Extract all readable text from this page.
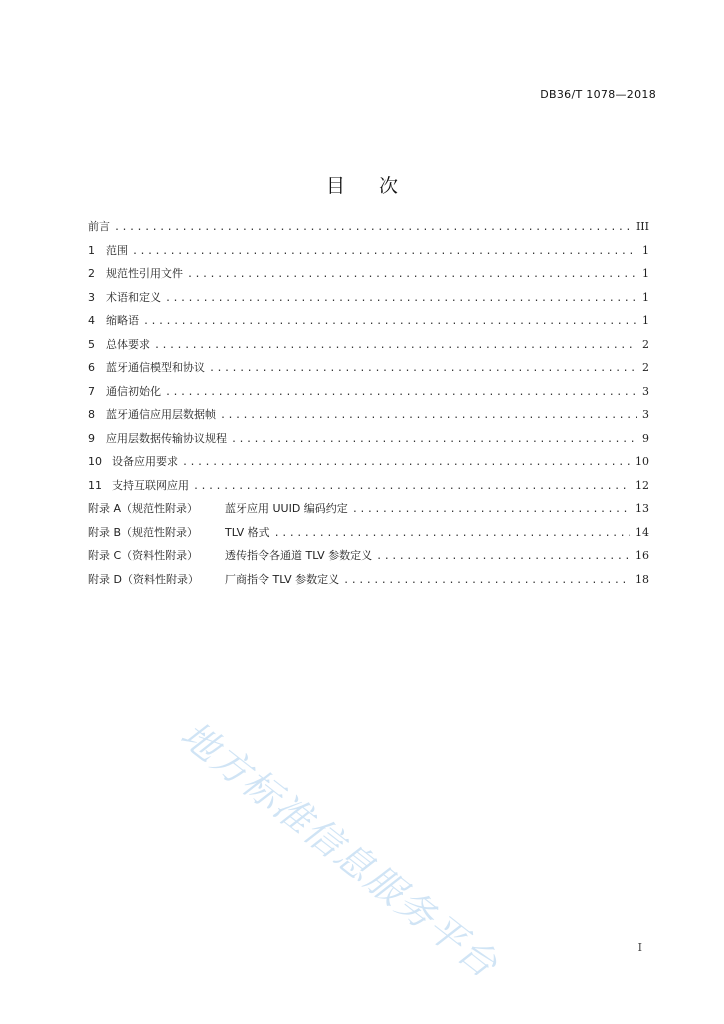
DB36/T 1078—2018
目 次
前言 .....	III
1	范围 .....	1
2	规范性引用文件 .....	1
3	术语和定义 .....	1
4	缩略语 .....	1
5	总体要求 .....	2
6	蓝牙通信模型和协议 .....	2
7	通信初始化 .....	3
8	蓝牙通信应用层数据帧 .....	3
9	应用层数据传输协议规程 .....	9
10 设备应用要求 .....	10
11 支持互联网应用 .....	12
附录 A（规范性附录）	蓝牙应用 UUID 编码约定 .....	13
附录 B（规范性附录）	TLV 格式 .....	14
附录 C（资料性附录）	透传指令各通道 TLV 参数定义 .....	16
附录 D（资料性附录）	厂商指令 TLV 参数定义 .....	18
地方标准信息服务平台	I
